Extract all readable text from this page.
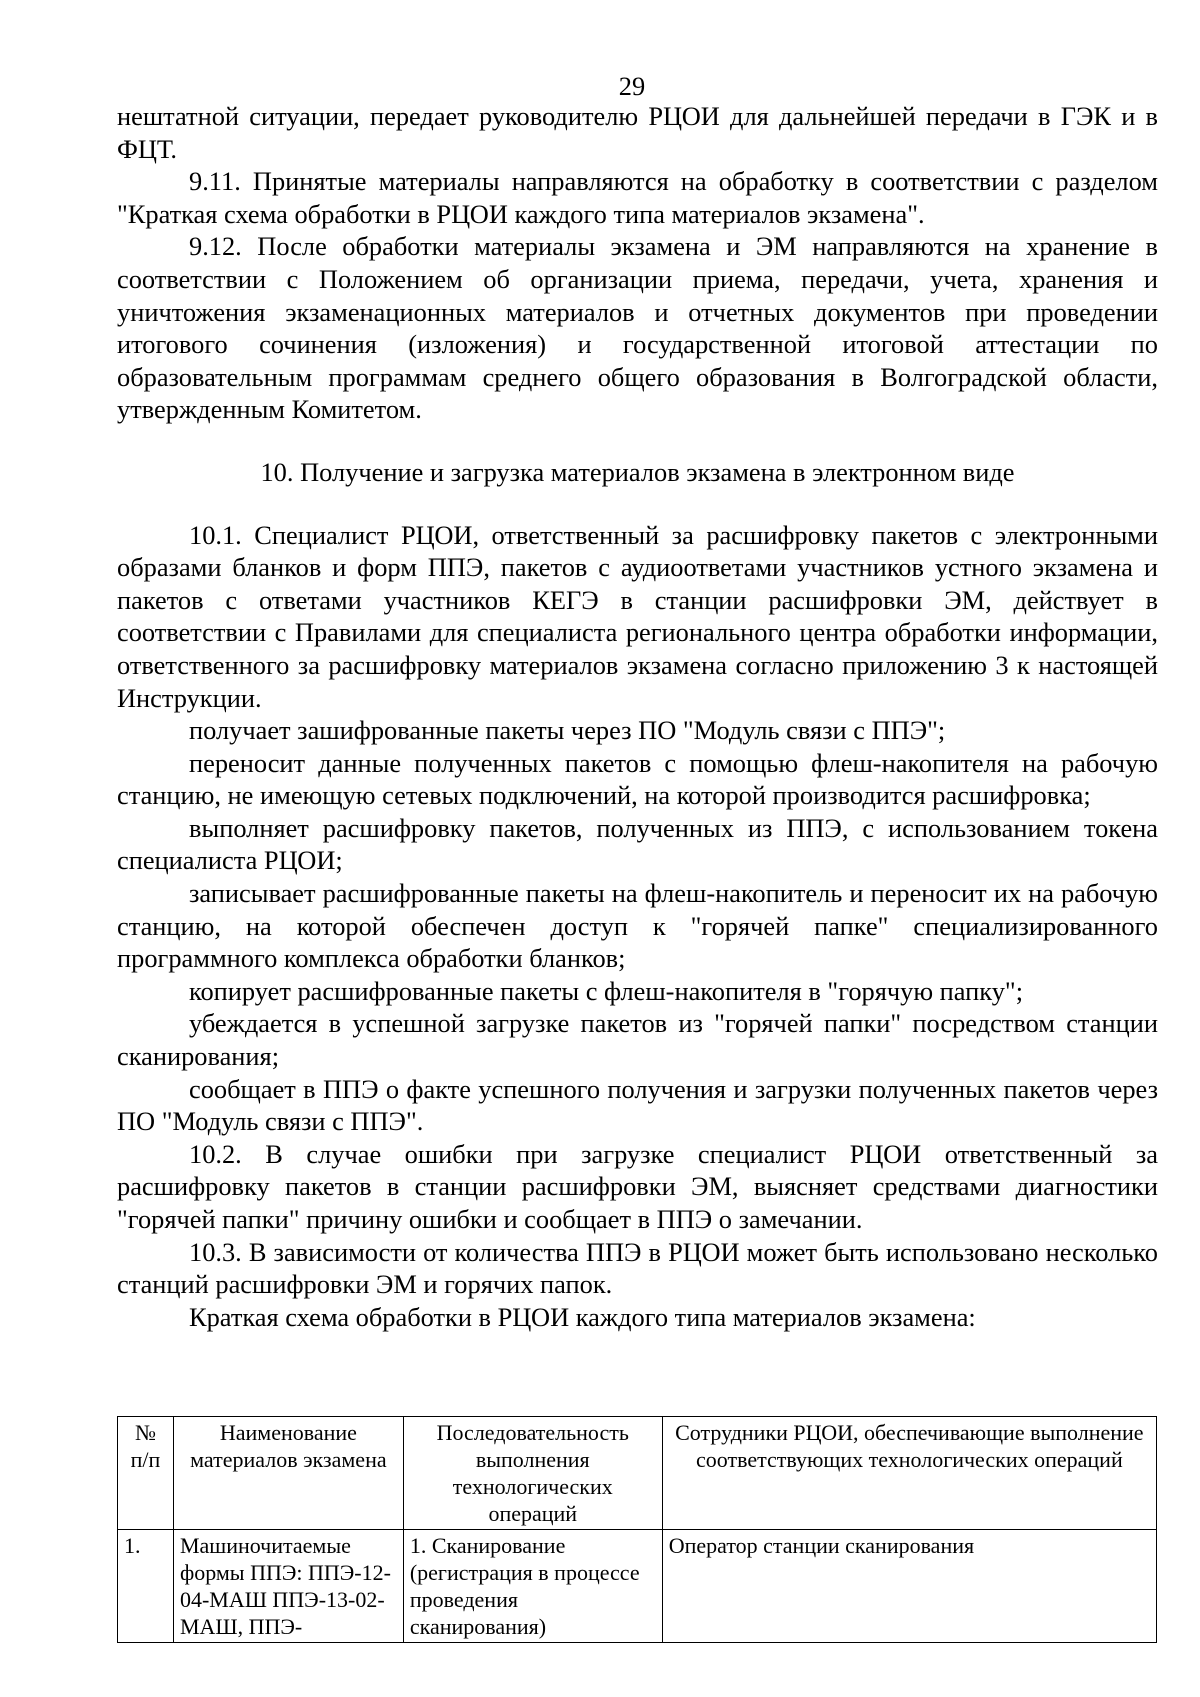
29

нештатной ситуации, передает руководителю РЦОИ для дальнейшей передачи в ГЭК и в ФЦТ.

9.11. Принятые материалы направляются на обработку в соответствии с разделом "Краткая схема обработки в РЦОИ каждого типа материалов экзамена".

9.12. После обработки материалы экзамена и ЭМ направляются на хранение в соответствии с Положением об организации приема, передачи, учета, хранения и уничтожения экзаменационных материалов и отчетных документов при проведении итогового сочинения (изложения) и государственной итоговой аттестации по образовательным программам среднего общего образования в Волгоградской области, утвержденным Комитетом.

10. Получение и загрузка материалов экзамена в электронном виде

10.1. Специалист РЦОИ, ответственный за расшифровку пакетов с электронными образами бланков и форм ППЭ, пакетов с аудиоответами участников устного экзамена и пакетов с ответами участников КЕГЭ в станции расшифровки ЭМ, действует в соответствии с Правилами для специалиста регионального центра обработки информации, ответственного за расшифровку материалов экзамена согласно приложению 3 к настоящей Инструкции.

получает зашифрованные пакеты через ПО "Модуль связи с ППЭ";

переносит данные полученных пакетов с помощью флеш-накопителя на рабочую станцию, не имеющую сетевых подключений, на которой производится расшифровка;

выполняет расшифровку пакетов, полученных из ППЭ, с использованием токена специалиста РЦОИ;

записывает расшифрованные пакеты на флеш-накопитель и переносит их на рабочую станцию, на которой обеспечен доступ к "горячей папке" специализированного программного комплекса обработки бланков;

копирует расшифрованные пакеты с флеш-накопителя в "горячую папку";

убеждается в успешной загрузке пакетов из "горячей папки" посредством станции сканирования;

сообщает в ППЭ о факте успешного получения и загрузки полученных пакетов через ПО "Модуль связи с ППЭ".

10.2. В случае ошибки при загрузке специалист РЦОИ ответственный за расшифровку пакетов в станции расшифровки ЭМ, выясняет средствами диагностики "горячей папки" причину ошибки и сообщает в ППЭ о замечании.

10.3. В зависимости от количества ППЭ в РЦОИ может быть использовано несколько станций расшифровки ЭМ и горячих папок.

Краткая схема обработки в РЦОИ каждого типа материалов экзамена:

№ п/п	Наименование материалов экзамена	Последовательность выполнения технологических операций	Сотрудники РЦОИ, обеспечивающие выполнение соответствующих технологических операций
1.	Машиночитаемые формы ППЭ: ППЭ-12-04-МАШ ППЭ-13-02-МАШ, ППЭ-	1. Сканирование (регистрация в процессе проведения сканирования)	Оператор станции сканирования
